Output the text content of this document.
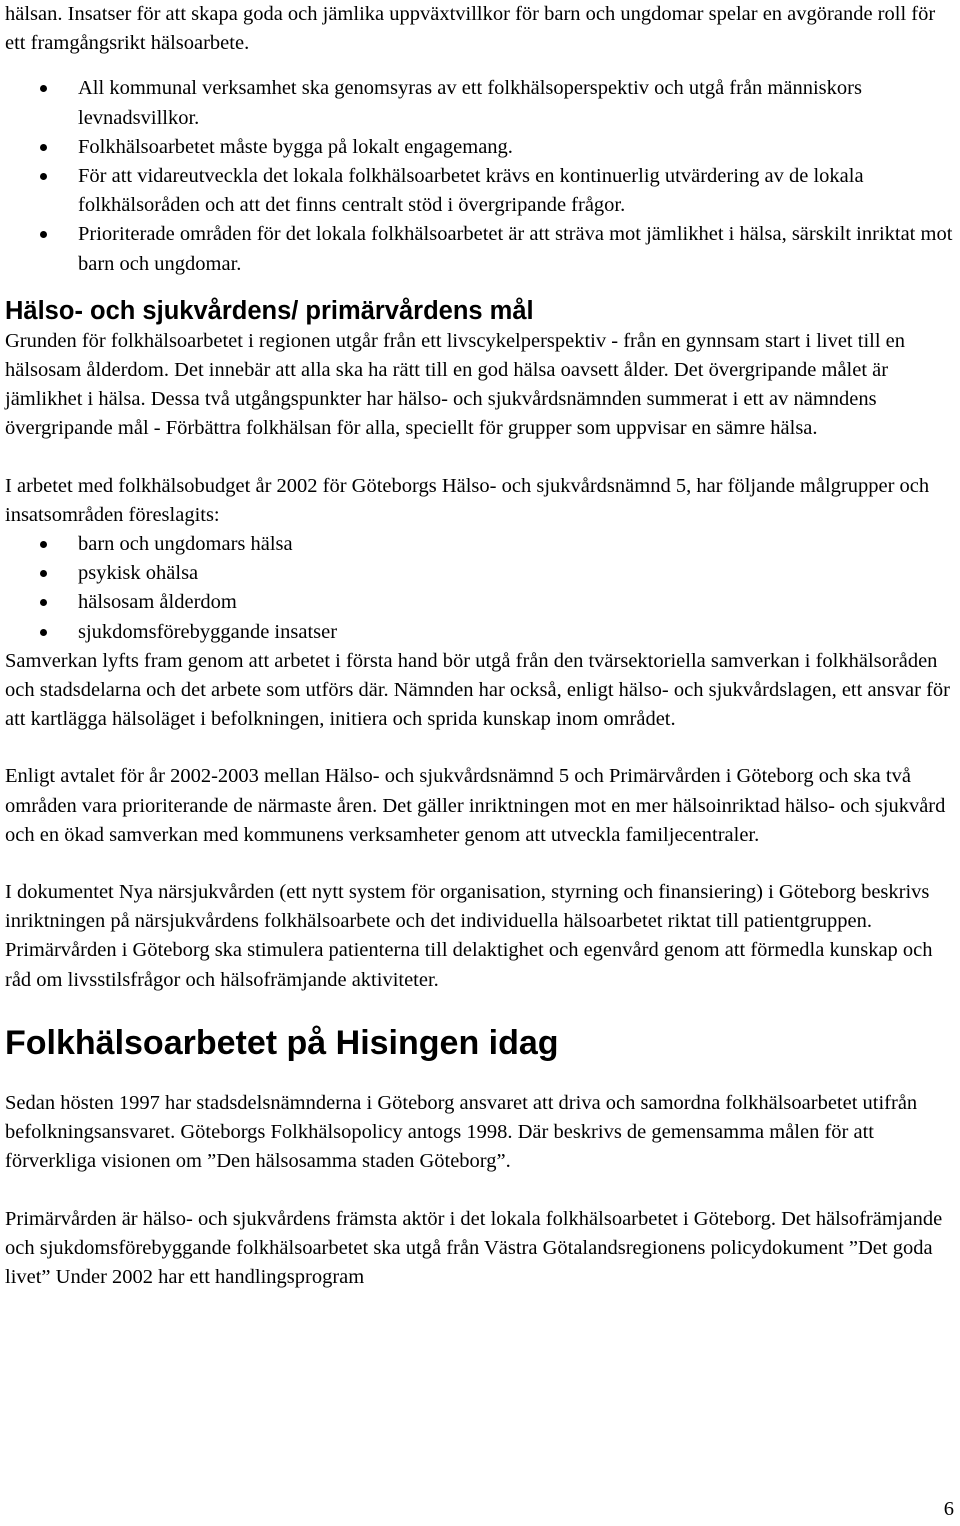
hälsan. Insatser för att skapa goda och jämlika uppväxtvillkor för barn och ungdomar spelar en avgörande roll för ett framgångsrikt hälsoarbete.

All kommunal verksamhet ska genomsyras av ett folkhälsoperspektiv och utgå från människors levnadsvillkor.
Folkhälsoarbetet måste bygga på lokalt engagemang.
För att vidareutveckla det lokala folkhälsoarbetet krävs en kontinuerlig utvärdering av de lokala folkhälsoråden och att det finns centralt stöd i övergripande frågor.
Prioriterade områden för det lokala folkhälsoarbetet är att sträva mot jämlikhet i hälsa, särskilt inriktat mot barn och ungdomar.
Hälso- och sjukvårdens/ primärvårdens mål

Grunden för folkhälsoarbetet i regionen utgår från ett livscykelperspektiv - från en gynnsam start i livet till en hälsosam ålderdom. Det innebär att alla ska ha rätt till en god hälsa oavsett ålder. Det övergripande målet är jämlikhet i hälsa. Dessa två utgångspunkter har hälso- och sjukvårdsnämnden summerat i ett av nämndens övergripande mål - Förbättra folkhälsan för alla, speciellt för grupper som uppvisar en sämre hälsa.

I arbetet med folkhälsobudget år 2002 för Göteborgs Hälso- och sjukvårdsnämnd 5, har följande målgrupper och insatsområden föreslagits:

barn och ungdomars hälsa
psykisk ohälsa
hälsosam ålderdom
sjukdomsförebyggande insatser

Samverkan lyfts fram genom att arbetet i första hand bör utgå från den tvärsektoriella samverkan i folkhälsoråden och stadsdelarna och det arbete som utförs där. Nämnden har också, enligt hälso- och sjukvårdslagen, ett ansvar för att kartlägga hälsoläget i befolkningen, initiera och sprida kunskap inom området.

Enligt avtalet för år 2002-2003 mellan Hälso- och sjukvårdsnämnd 5 och Primärvården i Göteborg och ska två områden vara prioriterande de närmaste åren. Det gäller inriktningen mot en mer hälsoinriktad hälso- och sjukvård och en ökad samverkan med kommunens verksamheter genom att utveckla familjecentraler.

I dokumentet Nya närsjukvården (ett nytt system för organisation, styrning och finansiering) i Göteborg beskrivs inriktningen på närsjukvårdens folkhälsoarbete och det individuella hälsoarbetet riktat till patientgruppen. Primärvården i Göteborg ska stimulera patienterna till delaktighet och egenvård genom att förmedla kunskap och råd om livsstilsfrågor och hälsofrämjande aktiviteter.

Folkhälsoarbetet på Hisingen idag

Sedan hösten 1997 har stadsdelsnämnderna i Göteborg ansvaret att driva och samordna folkhälsoarbetet utifrån befolkningsansvaret. Göteborgs Folkhälsopolicy antogs 1998. Där beskrivs de gemensamma målen för att förverkliga visionen om ”Den hälsosamma staden Göteborg”.

Primärvården är hälso- och sjukvårdens främsta aktör i det lokala folkhälsoarbetet i Göteborg. Det hälsofrämjande och sjukdomsförebyggande folkhälsoarbetet ska utgå från Västra Götalandsregionens policydokument ”Det goda livet” Under 2002 har ett handlingsprogram

6
